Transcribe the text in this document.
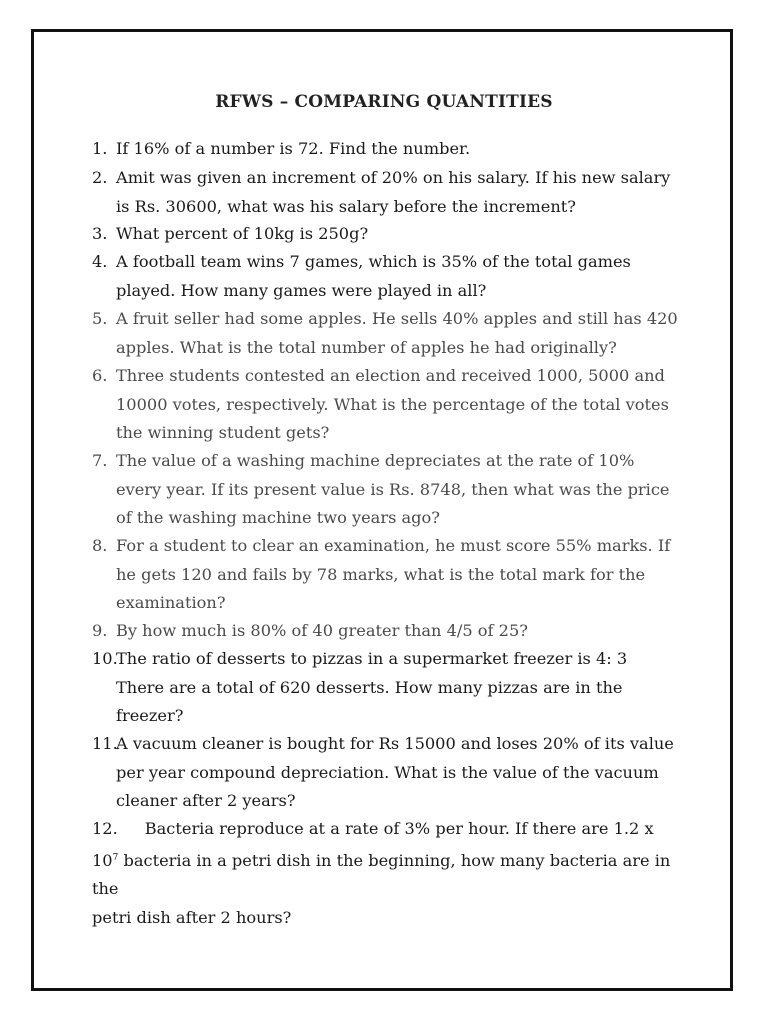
RFWS – COMPARING QUANTITIES
1. If 16% of a number is 72. Find the number.
2. Amit was given an increment of 20% on his salary. If his new salary is Rs. 30600, what was his salary before the increment?
3. What percent of 10kg is 250g?
4. A football team wins 7 games, which is 35% of the total games played. How many games were played in all?
5. A fruit seller had some apples. He sells 40% apples and still has 420 apples. What is the total number of apples he had originally?
6. Three students contested an election and received 1000, 5000 and 10000 votes, respectively. What is the percentage of the total votes the winning student gets?
7. The value of a washing machine depreciates at the rate of 10% every year. If its present value is Rs. 8748, then what was the price of the washing machine two years ago?
8. For a student to clear an examination, he must score 55% marks. If he gets 120 and fails by 78 marks, what is the total mark for the examination?
9. By how much is 80% of 40 greater than 4/5 of 25?
10.
The ratio of desserts to pizzas in a supermarket freezer is 4: 3 There are a total of 620 desserts. How many pizzas are in the freezer?
11.
A vacuum cleaner is bought for Rs 15000 and loses 20% of its value per year compound depreciation. What is the value of the vacuum cleaner after 2 years?
12. Bacteria reproduce at a rate of 3% per hour. If there are 1.2 x
$10^7$ bacteria in a petri dish in the beginning, how many bacteria are in the
petri dish after 2 hours?
